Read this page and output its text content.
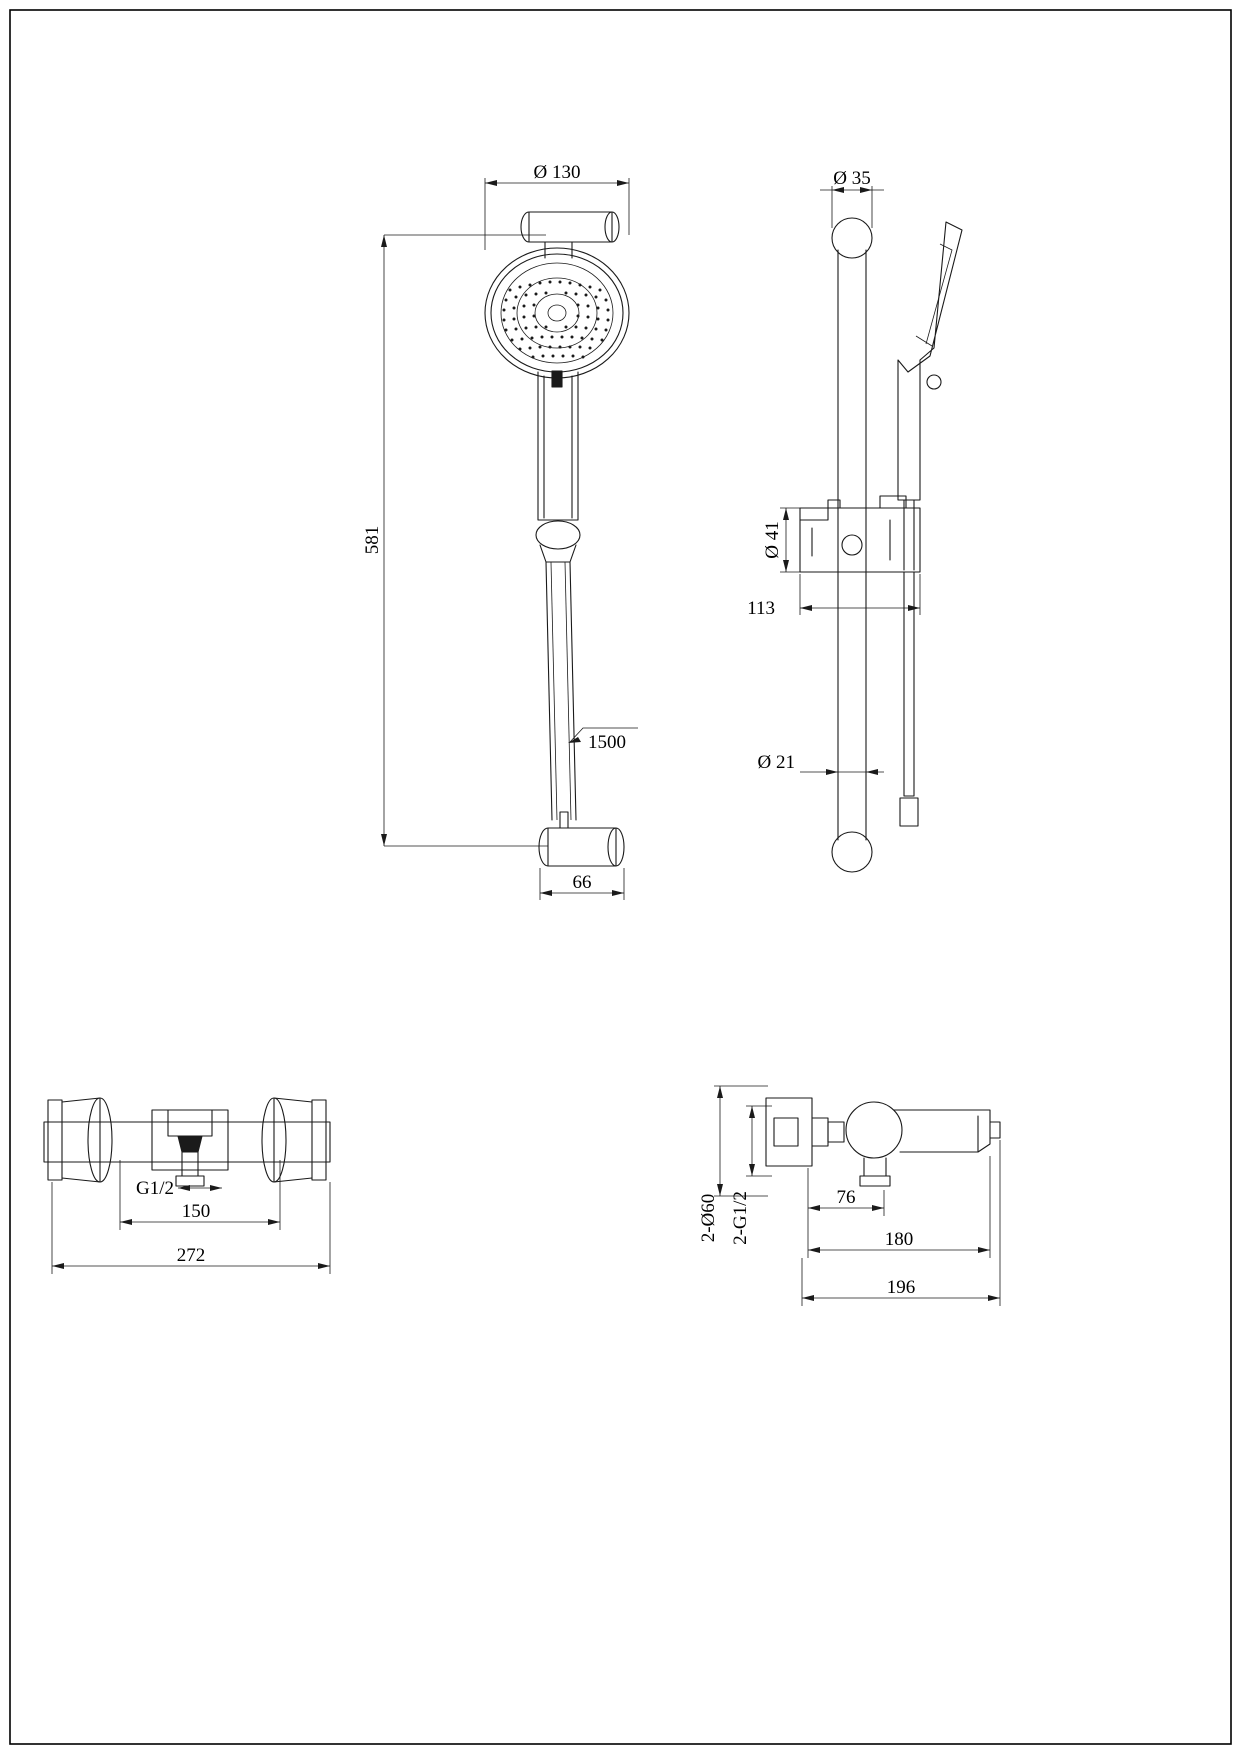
Ø 130
581
1500
66
Ø 35
Ø 41
113
Ø 21
G1/2
150
272
2-Ø60 2-G1/2	76
180
196
